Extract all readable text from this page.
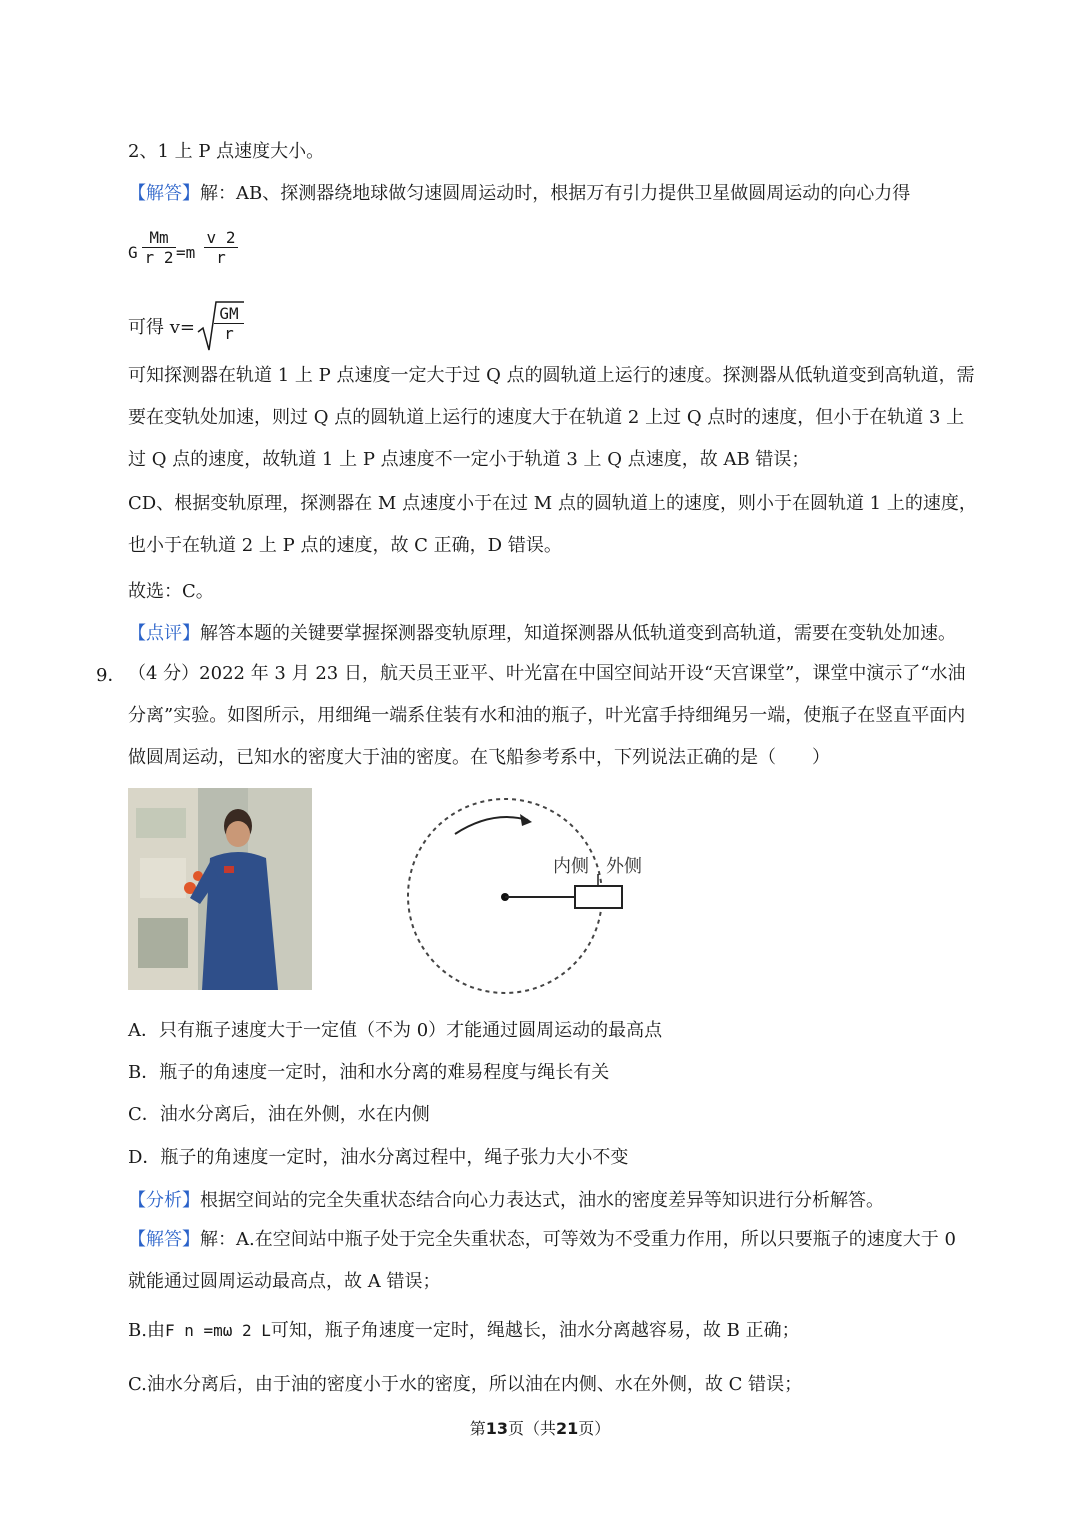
2、1 上 P 点速度大小。
【解答】解：AB、探测器绕地球做匀速圆周运动时，根据万有引力提供卫星做圆周运动的向心力得
G $\frac{Mm}{r 2} =m \frac{v 2}{r}$
可得 $v= \frac{GM}{r}$
可知探测器在轨道 1 上 P 点速度一定大于过 Q 点的圆轨道上运行的速度。探测器从低轨道变到高轨道，需要在变轨处加速，则过 Q 点的圆轨道上运行的速度大于在轨道 2 上过 Q 点时的速度，但小于在轨道 3 上过 Q 点的速度，故轨道 1 上 P 点速度不一定小于轨道 3 上 Q 点速度，故 AB 错误；
CD、根据变轨原理，探测器在 M 点速度小于在过 M 点的圆轨道上的速度，则小于在圆轨道 1 上的速度，也小于在轨道 2 上 P 点的速度，故 C 正确，D 错误。
故选：C。
【点评】解答本题的关键要掌握探测器变轨原理，知道探测器从低轨道变到高轨道，需要在变轨处加速。
9． （4 分）2022 年 3 月 23 日，航天员王亚平、叶光富在中国空间站开设“天宫课堂”，课堂中演示了“水油分离”实验。如图所示，用细绳一端系住装有水和油的瓶子，叶光富手持细绳另一端，使瓶子在竖直平面内做圆周运动，已知水的密度大于油的密度。在飞船参考系中，下列说法正确的是（　　）
内侧 外侧
A．只有瓶子速度大于一定值（不为 0）才能通过圆周运动的最高点
B．瓶子的角速度一定时，油和水分离的难易程度与绳长有关
C．油水分离后，油在外侧，水在内侧
D．瓶子的角速度一定时，油水分离过程中，绳子张力大小不变
【分析】根据空间站的完全失重状态结合向心力表达式，油水的密度差异等知识进行分析解答。
【解答】解：A.在空间站中瓶子处于完全失重状态，可等效为不受重力作用，所以只要瓶子的速度大于 0 就能通过圆周运动最高点，故 A 错误；
B.由F n =mω 2 L可知，瓶子角速度一定时，绳越长，油水分离越容易，故 B 正确；
C.油水分离后，由于油的密度小于水的密度，所以油在内侧、水在外侧，故 C 错误；
第13页（共21页）
